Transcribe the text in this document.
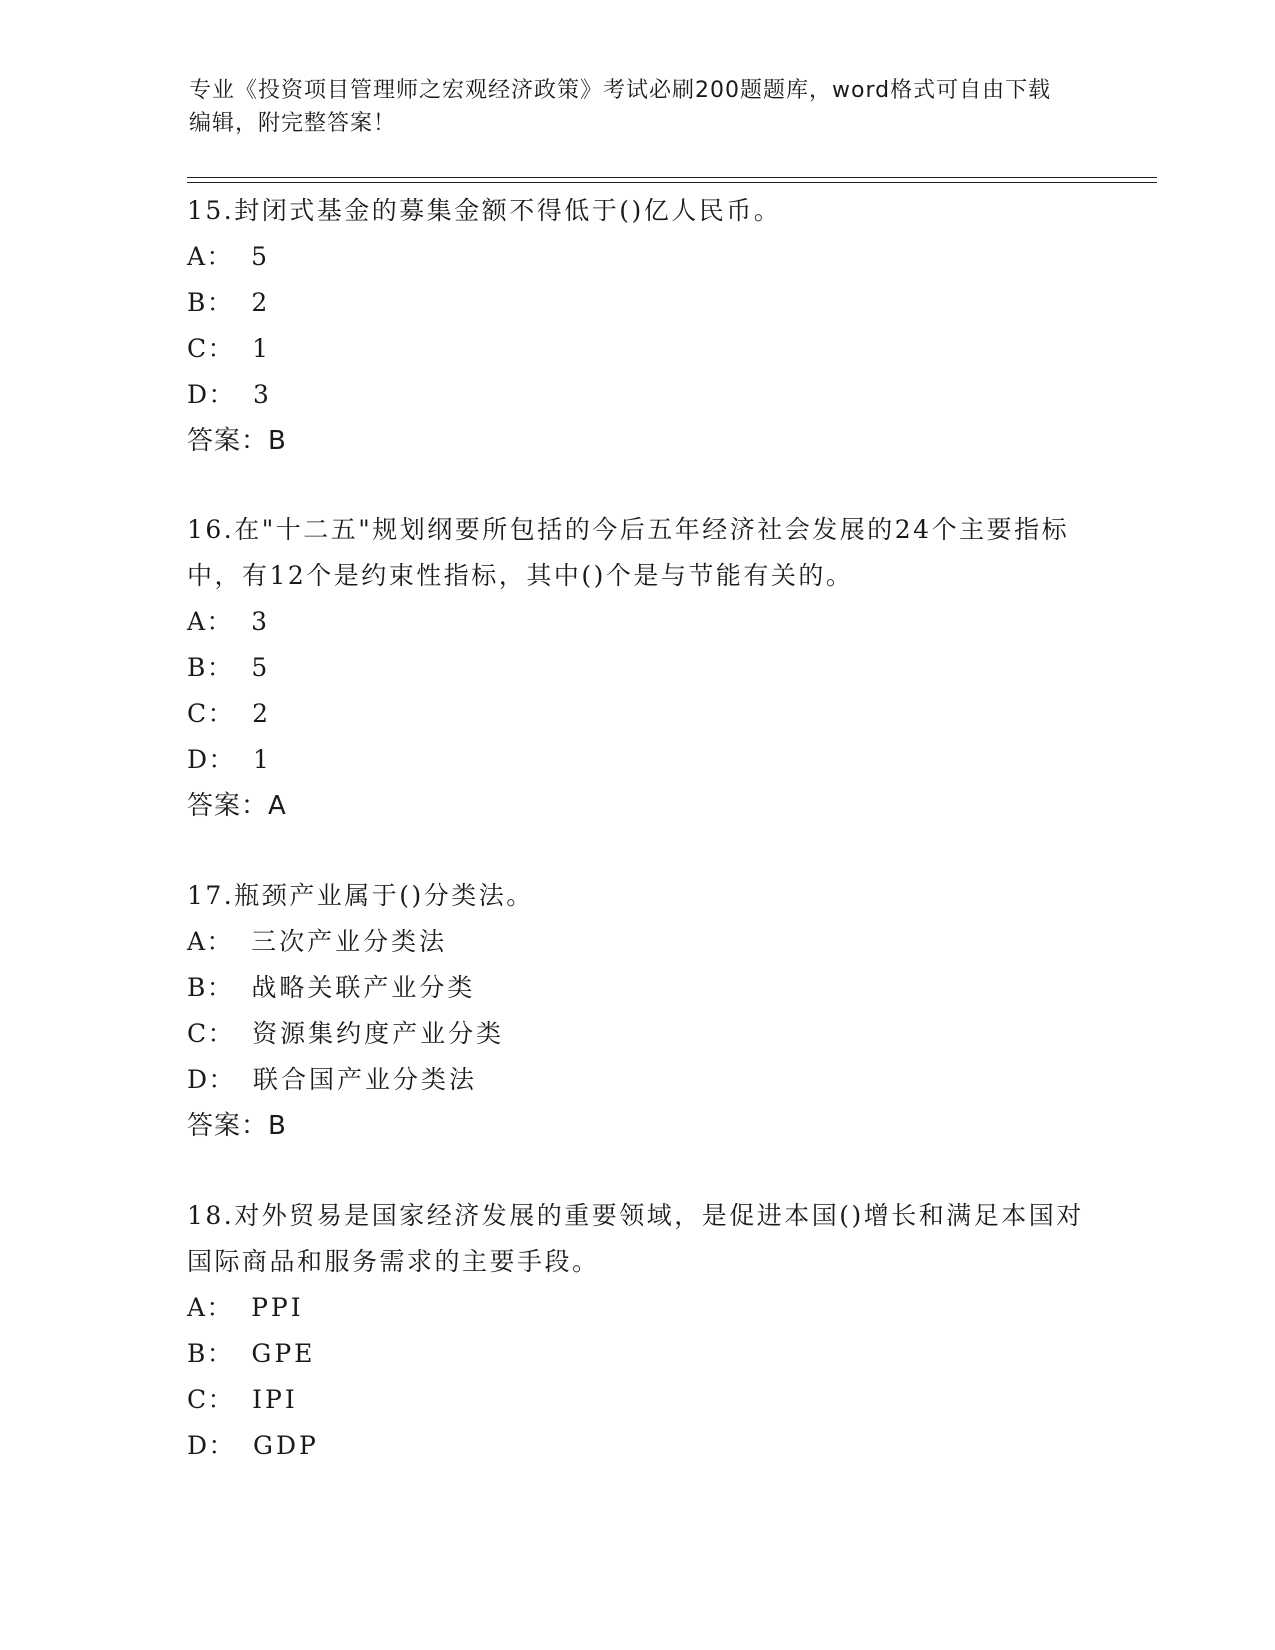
专业《投资项目管理师之宏观经济政策》考试必刷200题题库，word格式可自由下载编辑，附完整答案！

15.封闭式基金的募集金额不得低于()亿人民币。

A： 5

B： 2

C： 1

D： 3

答案：B

16.在"十二五"规划纲要所包括的今后五年经济社会发展的24个主要指标中，有12个是约束性指标，其中()个是与节能有关的。

A： 3

B： 5

C： 2

D： 1

答案：A

17.瓶颈产业属于()分类法。

A： 三次产业分类法

B： 战略关联产业分类

C： 资源集约度产业分类

D： 联合国产业分类法

答案：B

18.对外贸易是国家经济发展的重要领域，是促进本国()增长和满足本国对国际商品和服务需求的主要手段。

A： PPI

B： GPE

C： IPI

D： GDP
